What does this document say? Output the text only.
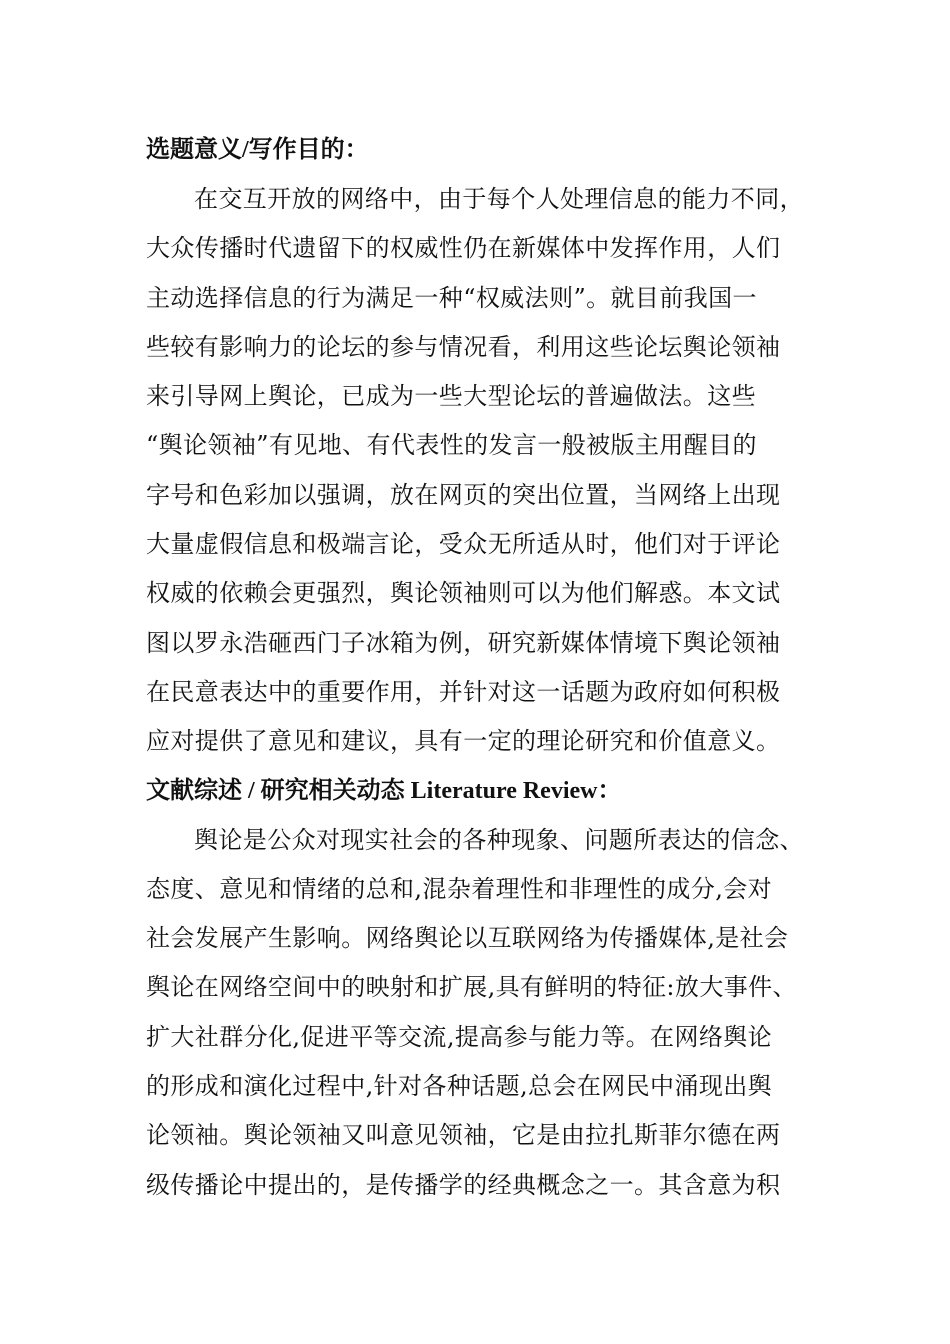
选题意义/写作目的：
在交互开放的网络中，由于每个人处理信息的能力不同，
大众传播时代遗留下的权威性仍在新媒体中发挥作用，人们
主动选择信息的行为满足一种“权威法则”。就目前我国一
些较有影响力的论坛的参与情况看，利用这些论坛舆论领袖
来引导网上舆论，已成为一些大型论坛的普遍做法。这些
“舆论领袖”有见地、有代表性的发言一般被版主用醒目的
字号和色彩加以强调，放在网页的突出位置，当网络上出现
大量虚假信息和极端言论，受众无所适从时，他们对于评论
权威的依赖会更强烈，舆论领袖则可以为他们解惑。本文试
图以罗永浩砸西门子冰箱为例，研究新媒体情境下舆论领袖
在民意表达中的重要作用，并针对这一话题为政府如何积极
应对提供了意见和建议，具有一定的理论研究和价值意义。
文献综述 / 研究相关动态 Literature Review：
舆论是公众对现实社会的各种现象、问题所表达的信念、
态度、意见和情绪的总和,混杂着理性和非理性的成分,会对
社会发展产生影响。网络舆论以互联网络为传播媒体,是社会
舆论在网络空间中的映射和扩展,具有鲜明的特征:放大事件、
扩大社群分化,促进平等交流,提高参与能力等。在网络舆论
的形成和演化过程中,针对各种话题,总会在网民中涌现出舆
论领袖。舆论领袖又叫意见领袖，它是由拉扎斯菲尔德在两
级传播论中提出的，是传播学的经典概念之一。其含意为积
